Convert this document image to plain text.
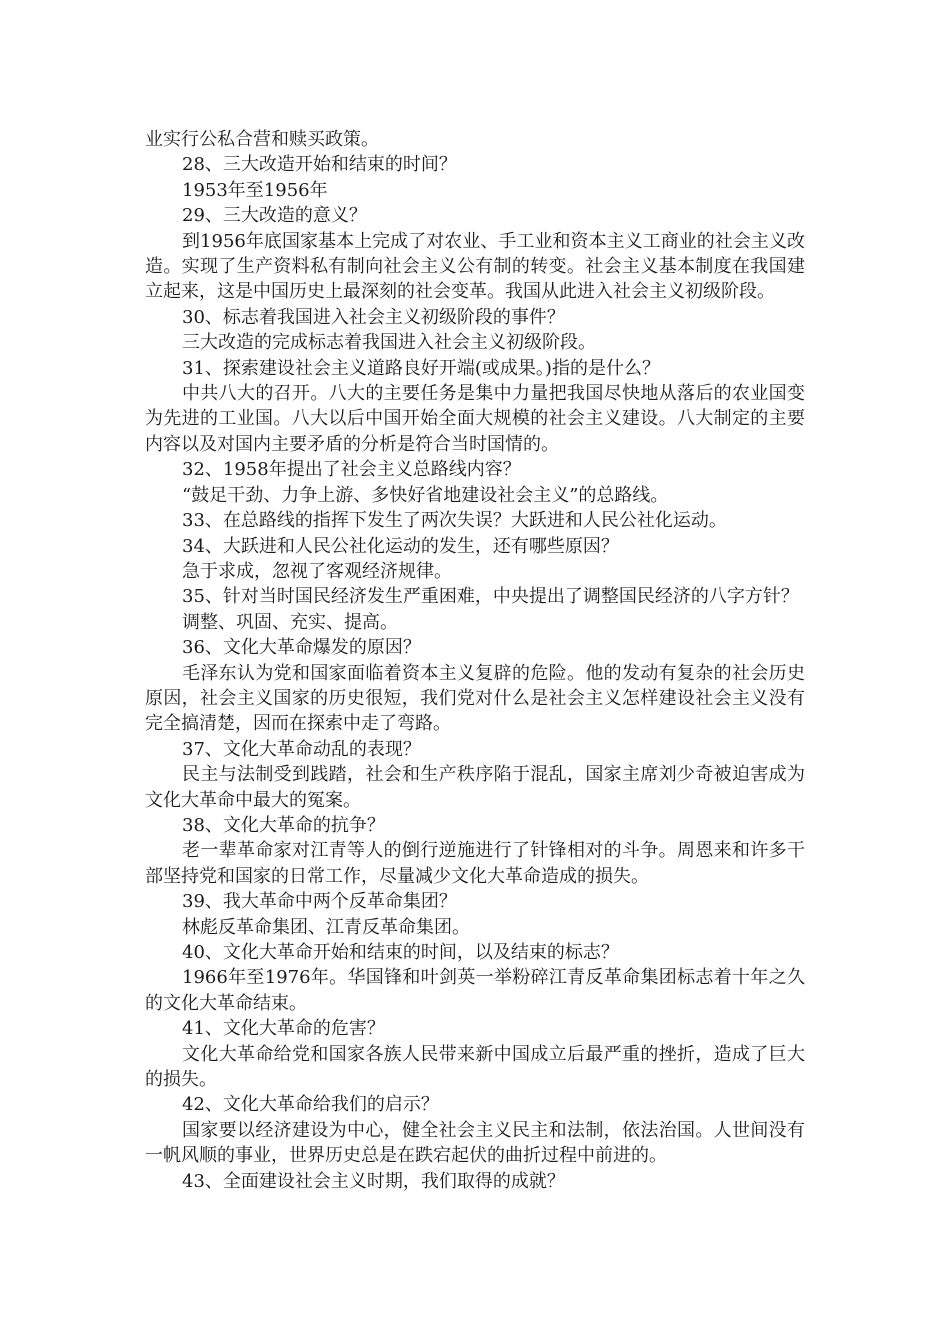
业实行公私合营和赎买政策。

28、三大改造开始和结束的时间？

1953年至1956年

29、三大改造的意义？

到1956年底国家基本上完成了对农业、手工业和资本主义工商业的社会主义改造。实现了生产资料私有制向社会主义公有制的转变。社会主义基本制度在我国建立起来，这是中国历史上最深刻的社会变革。我国从此进入社会主义初级阶段。

30、标志着我国进入社会主义初级阶段的事件？

三大改造的完成标志着我国进入社会主义初级阶段。

31、探索建设社会主义道路良好开端(或成果。)指的是什么？

中共八大的召开。八大的主要任务是集中力量把我国尽快地从落后的农业国变为先进的工业国。八大以后中国开始全面大规模的社会主义建设。八大制定的主要内容以及对国内主要矛盾的分析是符合当时国情的。

32、1958年提出了社会主义总路线内容？

“鼓足干劲、力争上游、多快好省地建设社会主义”的总路线。

33、在总路线的指挥下发生了两次失误？大跃进和人民公社化运动。

34、大跃进和人民公社化运动的发生，还有哪些原因？

急于求成，忽视了客观经济规律。

35、针对当时国民经济发生严重困难，中央提出了调整国民经济的八字方针？

调整、巩固、充实、提高。

36、文化大革命爆发的原因？

毛泽东认为党和国家面临着资本主义复辟的危险。他的发动有复杂的社会历史原因，社会主义国家的历史很短，我们党对什么是社会主义怎样建设社会主义没有完全搞清楚，因而在探索中走了弯路。

37、文化大革命动乱的表现？

民主与法制受到践踏，社会和生产秩序陷于混乱，国家主席刘少奇被迫害成为文化大革命中最大的冤案。

38、文化大革命的抗争？

老一辈革命家对江青等人的倒行逆施进行了针锋相对的斗争。周恩来和许多干部坚持党和国家的日常工作，尽量减少文化大革命造成的损失。

39、我大革命中两个反革命集团？

林彪反革命集团、江青反革命集团。

40、文化大革命开始和结束的时间，以及结束的标志？

1966年至1976年。华国锋和叶剑英一举粉碎江青反革命集团标志着十年之久的文化大革命结束。

41、文化大革命的危害？

文化大革命给党和国家各族人民带来新中国成立后最严重的挫折，造成了巨大的损失。

42、文化大革命给我们的启示？

国家要以经济建设为中心，健全社会主义民主和法制，依法治国。人世间没有一帆风顺的事业，世界历史总是在跌宕起伏的曲折过程中前进的。

43、全面建设社会主义时期，我们取得的成就？
